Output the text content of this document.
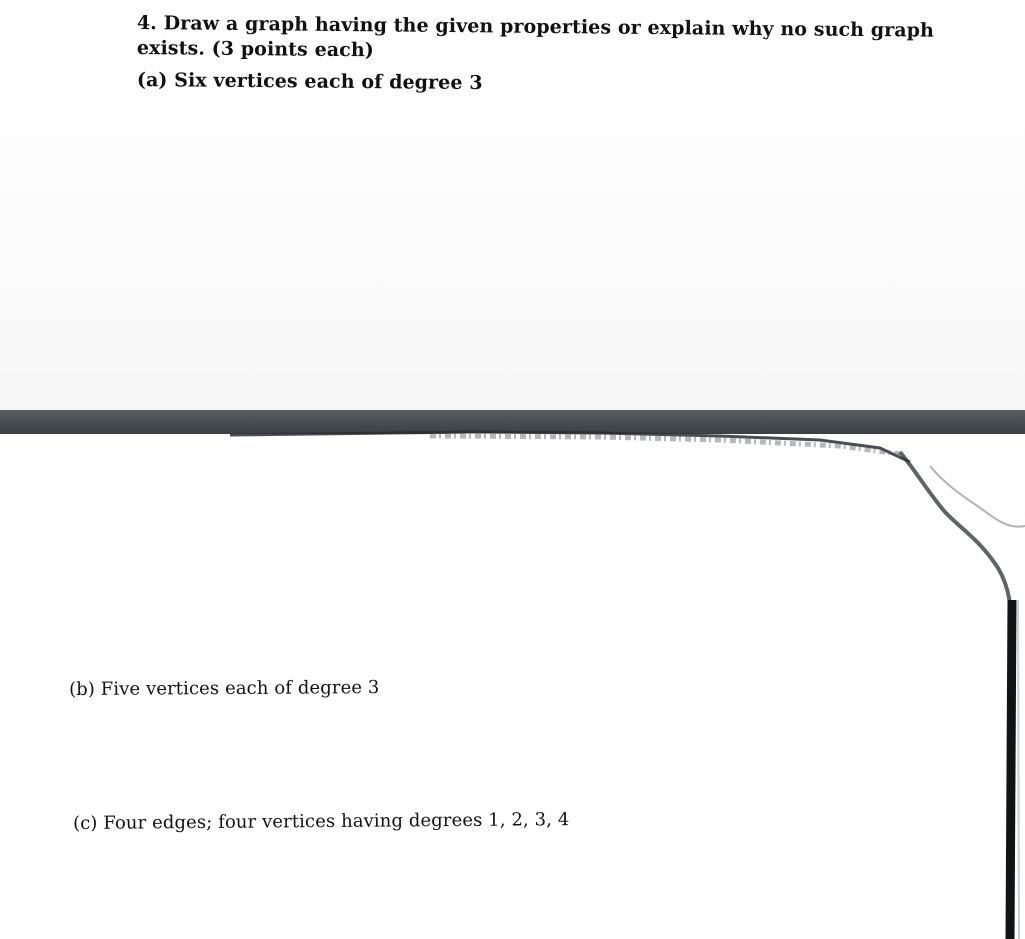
4. Draw a graph having the given properties or explain why no such graph
exists. (3 points each)
(a) Six vertices each of degree 3
(b) Five vertices each of degree 3
(c) Four edges; four vertices having degrees 1, 2, 3, 4
